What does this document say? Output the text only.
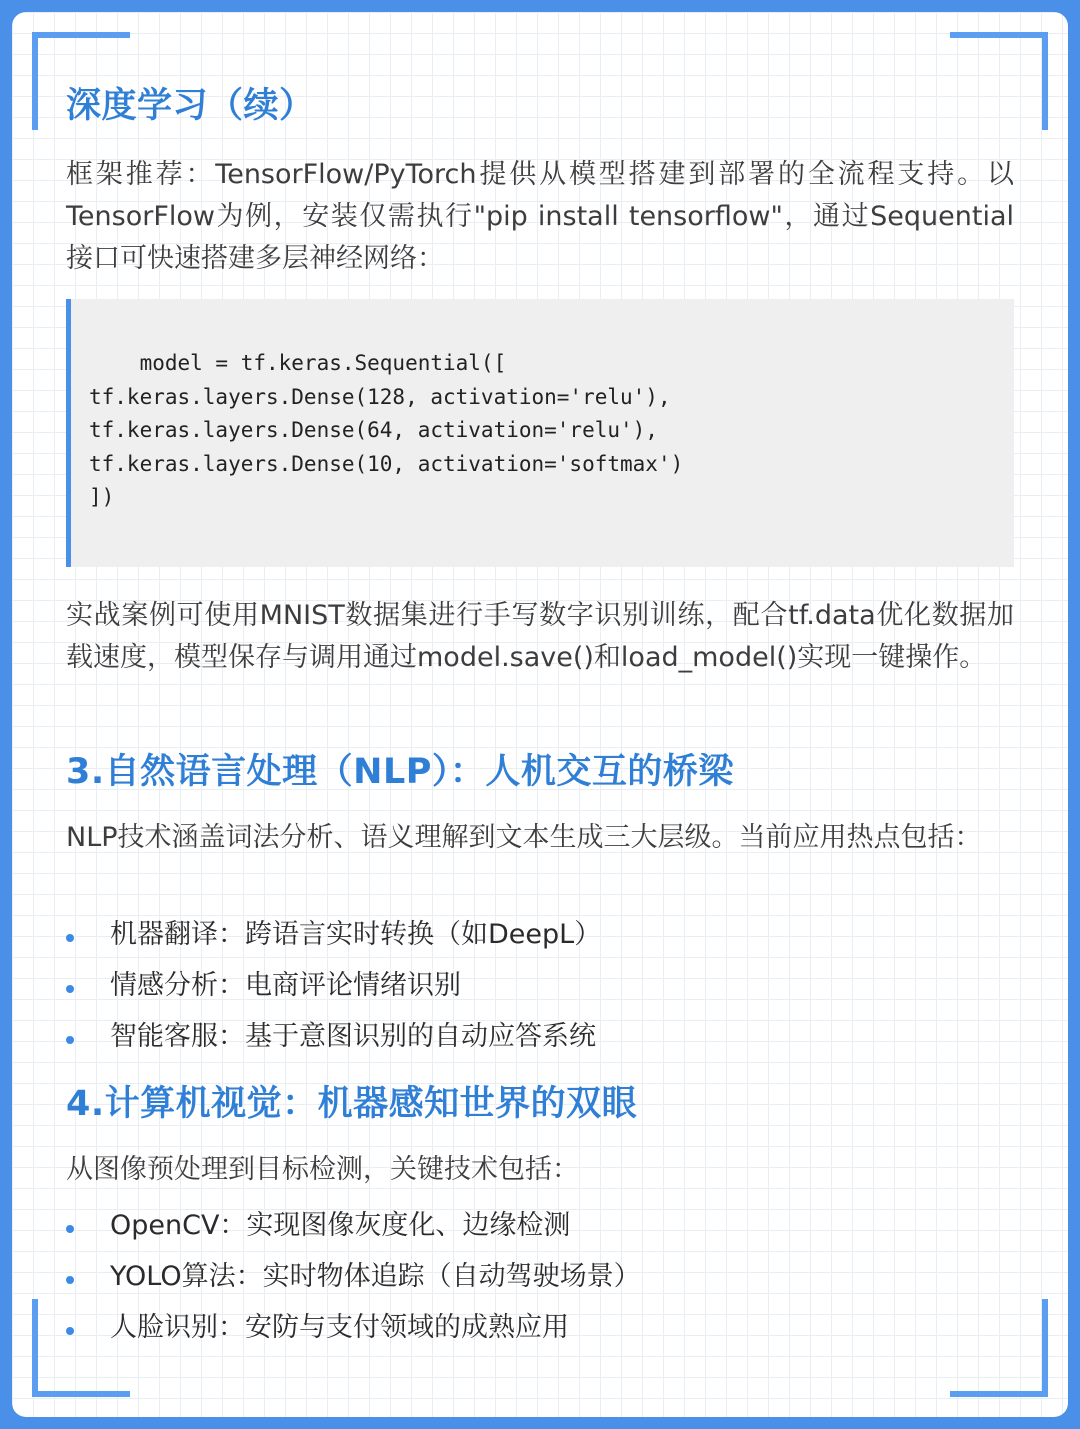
深度学习（续）

框架推荐：TensorFlow/PyTorch提供从模型搭建到部署的全流程支持。以TensorFlow为例，安装仅需执行"pip install tensorflow"，通过Sequential接口可快速搭建多层神经网络：

model = tf.keras.Sequential([
tf.keras.layers.Dense(128, activation='relu'),
tf.keras.layers.Dense(64, activation='relu'),
tf.keras.layers.Dense(10, activation='softmax')
])

实战案例可使用MNIST数据集进行手写数字识别训练，配合tf.data优化数据加载速度，模型保存与调用通过model.save()和load_model()实现一键操作。

3.自然语言处理（NLP）：人机交互的桥梁

NLP技术涵盖词法分析、语义理解到文本生成三大层级。当前应用热点包括：

机器翻译：跨语言实时转换（如DeepL）
情感分析：电商评论情绪识别
智能客服：基于意图识别的自动应答系统
4.计算机视觉：机器感知世界的双眼

从图像预处理到目标检测，关键技术包括：

OpenCV：实现图像灰度化、边缘检测
YOLO算法：实时物体追踪（自动驾驶场景）
人脸识别：安防与支付领域的成熟应用
